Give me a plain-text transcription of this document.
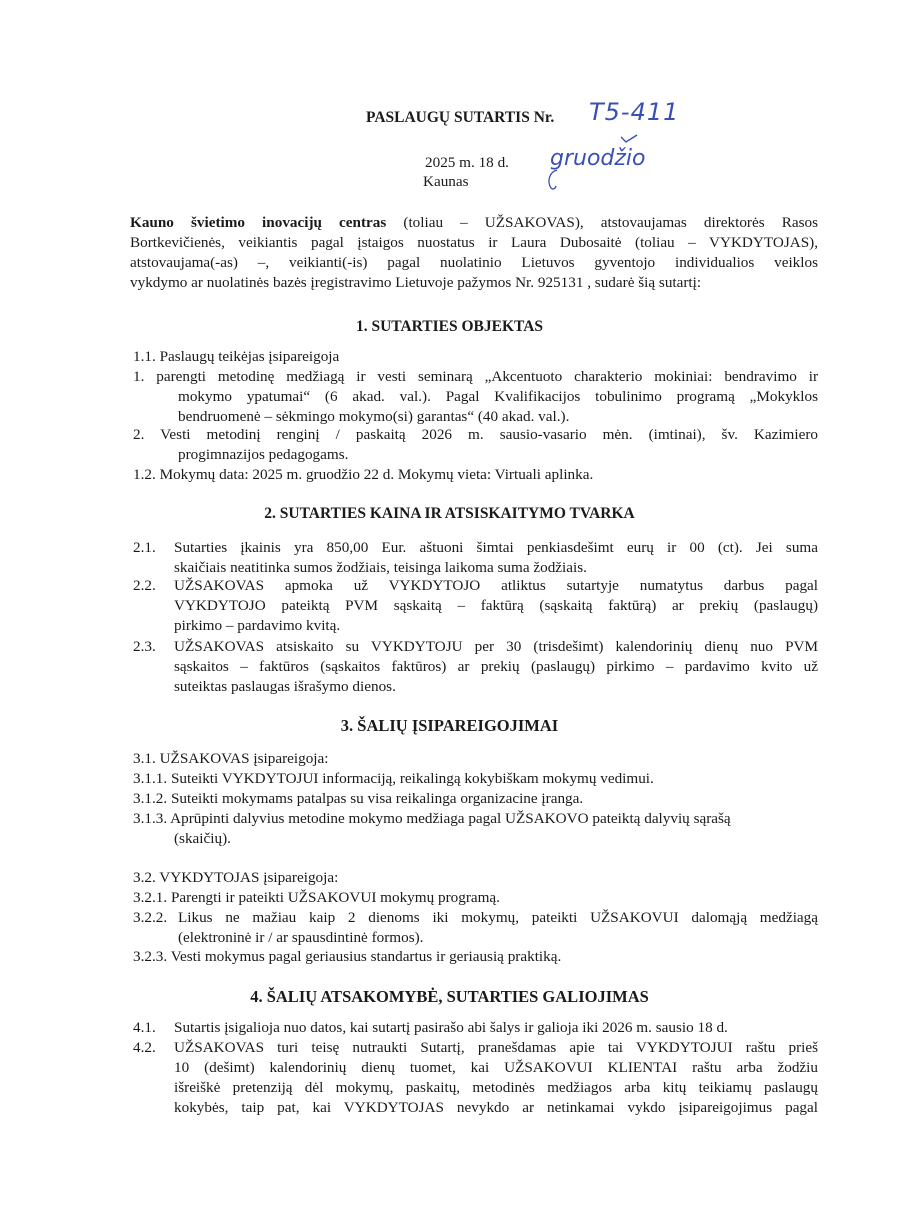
PASLAUGŲ SUTARTIS Nr. T5-411
2025 m. 18 d. gruodžio
Kaunas
Kauno švietimo inovacijų centras (toliau – UŽSAKOVAS), atstovaujamas direktorės Rasos
Bortkevičienės, veikiantis pagal įstaigos nuostatus ir Laura Dubosaitė (toliau – VYKDYTOJAS),
atstovaujama(-as) –, veikianti(-is) pagal nuolatinio Lietuvos gyventojo individualios veiklos
vykdymo ar nuolatinės bazės įregistravimo Lietuvoje pažymos Nr. 925131 , sudarė šią sutartį:
1. SUTARTIES OBJEKTAS
1.1. Paslaugų teikėjas įsipareigoja
1. parengti metodinę medžiagą ir vesti seminarą „Akcentuoto charakterio mokiniai: bendravimo ir
mokymo ypatumai“ (6 akad. val.). Pagal Kvalifikacijos tobulinimo programą „Mokyklos
bendruomenė – sėkmingo mokymo(si) garantas“ (40 akad. val.).
2. Vesti metodinį renginį / paskaitą 2026 m. sausio-vasario mėn. (imtinai), šv. Kazimiero
progimnazijos pedagogams.
1.2. Mokymų data: 2025 m. gruodžio 22 d. Mokymų vieta: Virtuali aplinka.
2. SUTARTIES KAINA IR ATSISKAITYMO TVARKA
2.1. Sutarties įkainis yra 850,00 Eur. aštuoni šimtai penkiasdešimt eurų ir 00 (ct). Jei suma
skaičiais neatitinka sumos žodžiais, teisinga laikoma suma žodžiais.
2.2. UŽSAKOVAS apmoka už VYKDYTOJO atliktus sutartyje numatytus darbus pagal
VYKDYTOJO pateiktą PVM sąskaitą – faktūrą (sąskaitą faktūrą) ar prekių (paslaugų)
pirkimo – pardavimo kvitą.
2.3. UŽSAKOVAS atsiskaito su VYKDYTOJU per 30 (trisdešimt) kalendorinių dienų nuo PVM
sąskaitos – faktūros (sąskaitos faktūros) ar prekių (paslaugų) pirkimo – pardavimo kvito už
suteiktas paslaugas išrašymo dienos.
3. ŠALIŲ ĮSIPAREIGOJIMAI
3.1. UŽSAKOVAS įsipareigoja:
3.1.1. Suteikti VYKDYTOJUI informaciją, reikalingą kokybiškam mokymų vedimui.
3.1.2. Suteikti mokymams patalpas su visa reikalinga organizacine įranga.
3.1.3. Aprūpinti dalyvius metodine mokymo medžiaga pagal UŽSAKOVO pateiktą dalyvių sąrašą
(skaičių).
3.2. VYKDYTOJAS įsipareigoja:
3.2.1. Parengti ir pateikti UŽSAKOVUI mokymų programą.
3.2.2. Likus ne mažiau kaip 2 dienoms iki mokymų, pateikti UŽSAKOVUI dalomąją medžiagą
(elektroninė ir / ar spausdintinė formos).
3.2.3. Vesti mokymus pagal geriausius standartus ir geriausią praktiką.
4. ŠALIŲ ATSAKOMYBĖ, SUTARTIES GALIOJIMAS
4.1. Sutartis įsigalioja nuo datos, kai sutartį pasirašo abi šalys ir galioja iki 2026 m. sausio 18 d.
4.2. UŽSAKOVAS turi teisę nutraukti Sutartį, pranešdamas apie tai VYKDYTOJUI raštu prieš
10 (dešimt) kalendorinių dienų tuomet, kai UŽSAKOVUI KLIENTAI raštu arba žodžiu
išreiškė pretenziją dėl mokymų, paskaitų, metodinės medžiagos arba kitų teikiamų paslaugų
kokybės, taip pat, kai VYKDYTOJAS nevykdo ar netinkamai vykdo įsipareigojimus pagal
